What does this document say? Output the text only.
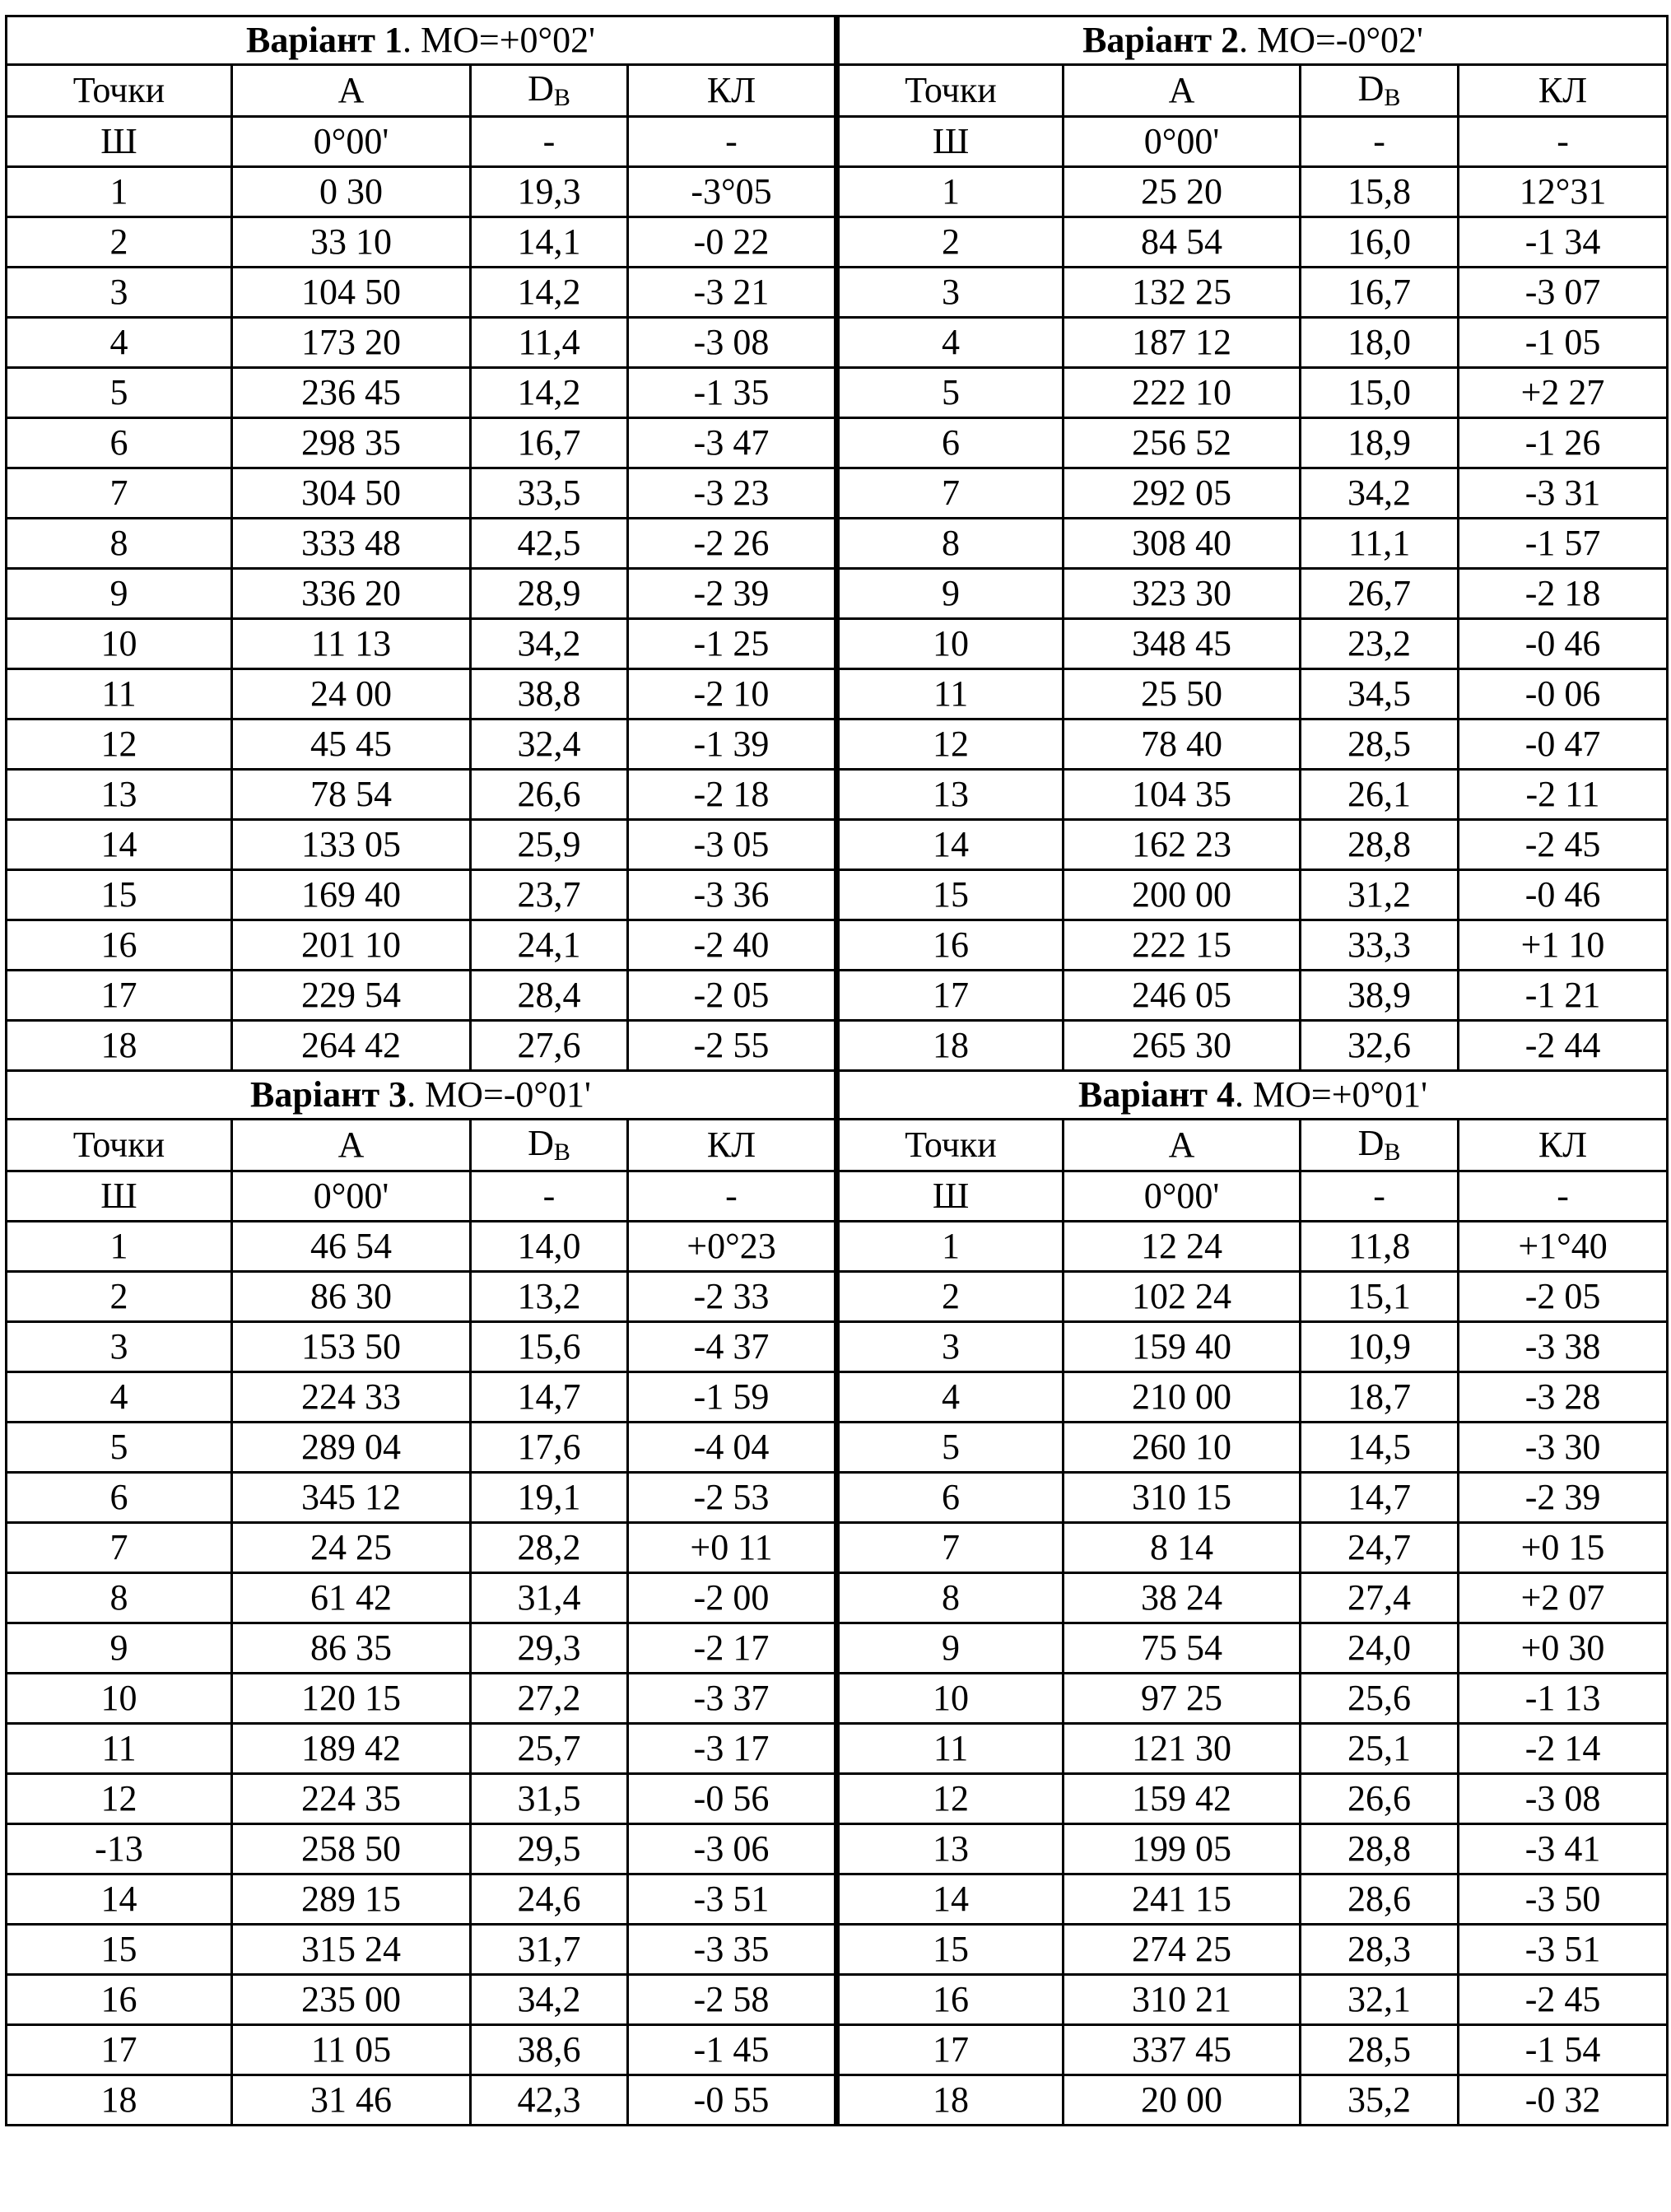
Варіант 1. МО=+0°02'				Варіант 2. МО=-0°02'			
Точки	А	$D_В$	КЛ	Точки	А	$D_В$	КЛ
Ш	0°00'	-	-	Ш	0°00'	-	-
1	0 30	19,3	-3°05	1	25 20	15,8	12°31
2	33 10	14,1	-0 22	2	84 54	16,0	-1 34
3	104 50	14,2	-3 21	3	132 25	16,7	-3 07
4	173 20	11,4	-3 08	4	187 12	18,0	-1 05
5	236 45	14,2	-1 35	5	222 10	15,0	+2 27
6	298 35	16,7	-3 47	6	256 52	18,9	-1 26
7	304 50	33,5	-3 23	7	292 05	34,2	-3 31
8	333 48	42,5	-2 26	8	308 40	11,1	-1 57
9	336 20	28,9	-2 39	9	323 30	26,7	-2 18
10	11 13	34,2	-1 25	10	348 45	23,2	-0 46
11	24 00	38,8	-2 10	11	25 50	34,5	-0 06
12	45 45	32,4	-1 39	12	78 40	28,5	-0 47
13	78 54	26,6	-2 18	13	104 35	26,1	-2 11
14	133 05	25,9	-3 05	14	162 23	28,8	-2 45
15	169 40	23,7	-3 36	15	200 00	31,2	-0 46
16	201 10	24,1	-2 40	16	222 15	33,3	+1 10
17	229 54	28,4	-2 05	17	246 05	38,9	-1 21
18	264 42	27,6	-2 55	18	265 30	32,6	-2 44
Варіант 3. МО=-0°01'				Варіант 4. МО=+0°01'			
Точки	А	$D_В$	КЛ	Точки	А	$D_В$	КЛ
Ш	0°00'	-	-	Ш	0°00'	-	-
1	46 54	14,0	+0°23	1	12 24	11,8	+1°40
2	86 30	13,2	-2 33	2	102 24	15,1	-2 05
3	153 50	15,6	-4 37	3	159 40	10,9	-3 38
4	224 33	14,7	-1 59	4	210 00	18,7	-3 28
5	289 04	17,6	-4 04	5	260 10	14,5	-3 30
6	345 12	19,1	-2 53	6	310 15	14,7	-2 39
7	24 25	28,2	+0 11	7	8 14	24,7	+0 15
8	61 42	31,4	-2 00	8	38 24	27,4	+2 07
9	86 35	29,3	-2 17	9	75 54	24,0	+0 30
10	120 15	27,2	-3 37	10	97 25	25,6	-1 13
11	189 42	25,7	-3 17	11	121 30	25,1	-2 14
12	224 35	31,5	-0 56	12	159 42	26,6	-3 08
-13	258 50	29,5	-3 06	13	199 05	28,8	-3 41
14	289 15	24,6	-3 51	14	241 15	28,6	-3 50
15	315 24	31,7	-3 35	15	274 25	28,3	-3 51
16	235 00	34,2	-2 58	16	310 21	32,1	-2 45
17	11 05	38,6	-1 45	17	337 45	28,5	-1 54
18	31 46	42,3	-0 55	18	20 00	35,2	-0 32
